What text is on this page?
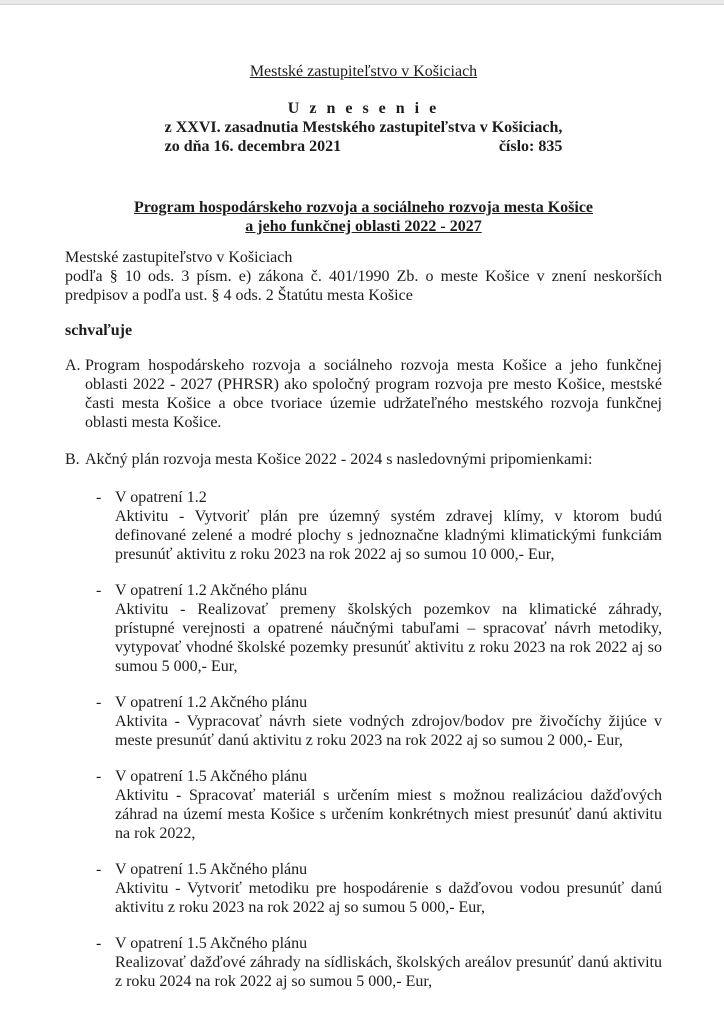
Mestské zastupiteľstvo v Košiciach
U z n e s e n i e
z XXVI. zasadnutia Mestského zastupiteľstva v Košiciach,
zo dňa 16. decembra 2021	číslo: 835
Program hospodárskeho rozvoja a sociálneho rozvoja mesta Košice
a jeho funkčnej oblasti 2022 - 2027
Mestské zastupiteľstvo v Košiciach
podľa § 10 ods. 3 písm. e) zákona č. 401/1990 Zb. o meste Košice v znení neskorších predpisov a podľa ust. § 4 ods. 2 Štatútu mesta Košice
schvaľuje
A. Program hospodárskeho rozvoja a sociálneho rozvoja mesta Košice a jeho funkčnej oblasti 2022 - 2027 (PHRSR) ako spoločný program rozvoja pre mesto Košice, mestské časti mesta Košice a obce tvoriace územie udržateľného mestského rozvoja funkčnej oblasti mesta Košice.
B. Akčný plán rozvoja mesta Košice 2022 - 2024 s nasledovnými pripomienkami:
- V opatrení 1.2
Aktivitu - Vytvoriť plán pre územný systém zdravej klímy, v ktorom budú definované zelené a modré plochy s jednoznačne kladnými klimatickými funkciám presunúť aktivitu z roku 2023 na rok 2022 aj so sumou 10 000,- Eur,
- V opatrení 1.2 Akčného plánu
Aktivitu - Realizovať premeny školských pozemkov na klimatické záhrady, prístupné verejnosti a opatrené náučnými tabuľami – spracovať návrh metodiky, vytypovať vhodné školské pozemky presunúť aktivitu z roku 2023 na rok 2022 aj so sumou 5 000,- Eur,
- V opatrení 1.2 Akčného plánu
Aktivita - Vypracovať návrh siete vodných zdrojov/bodov pre živočíchy žijúce v meste presunúť danú aktivitu z roku 2023 na rok 2022 aj so sumou 2 000,- Eur,
- V opatrení 1.5 Akčného plánu
Aktivitu - Spracovať materiál s určením miest s možnou realizáciou dažďových záhrad na území mesta Košice s určením konkrétnych miest presunúť danú aktivitu na rok 2022,
- V opatrení 1.5 Akčného plánu
Aktivitu - Vytvoriť metodiku pre hospodárenie s dažďovou vodou presunúť danú aktivitu z roku 2023 na rok 2022 aj so sumou 5 000,- Eur,
- V opatrení 1.5 Akčného plánu
Realizovať dažďové záhrady na sídliskách, školských areálov presunúť danú aktivitu z roku 2024 na rok 2022 aj so sumou 5 000,- Eur,
